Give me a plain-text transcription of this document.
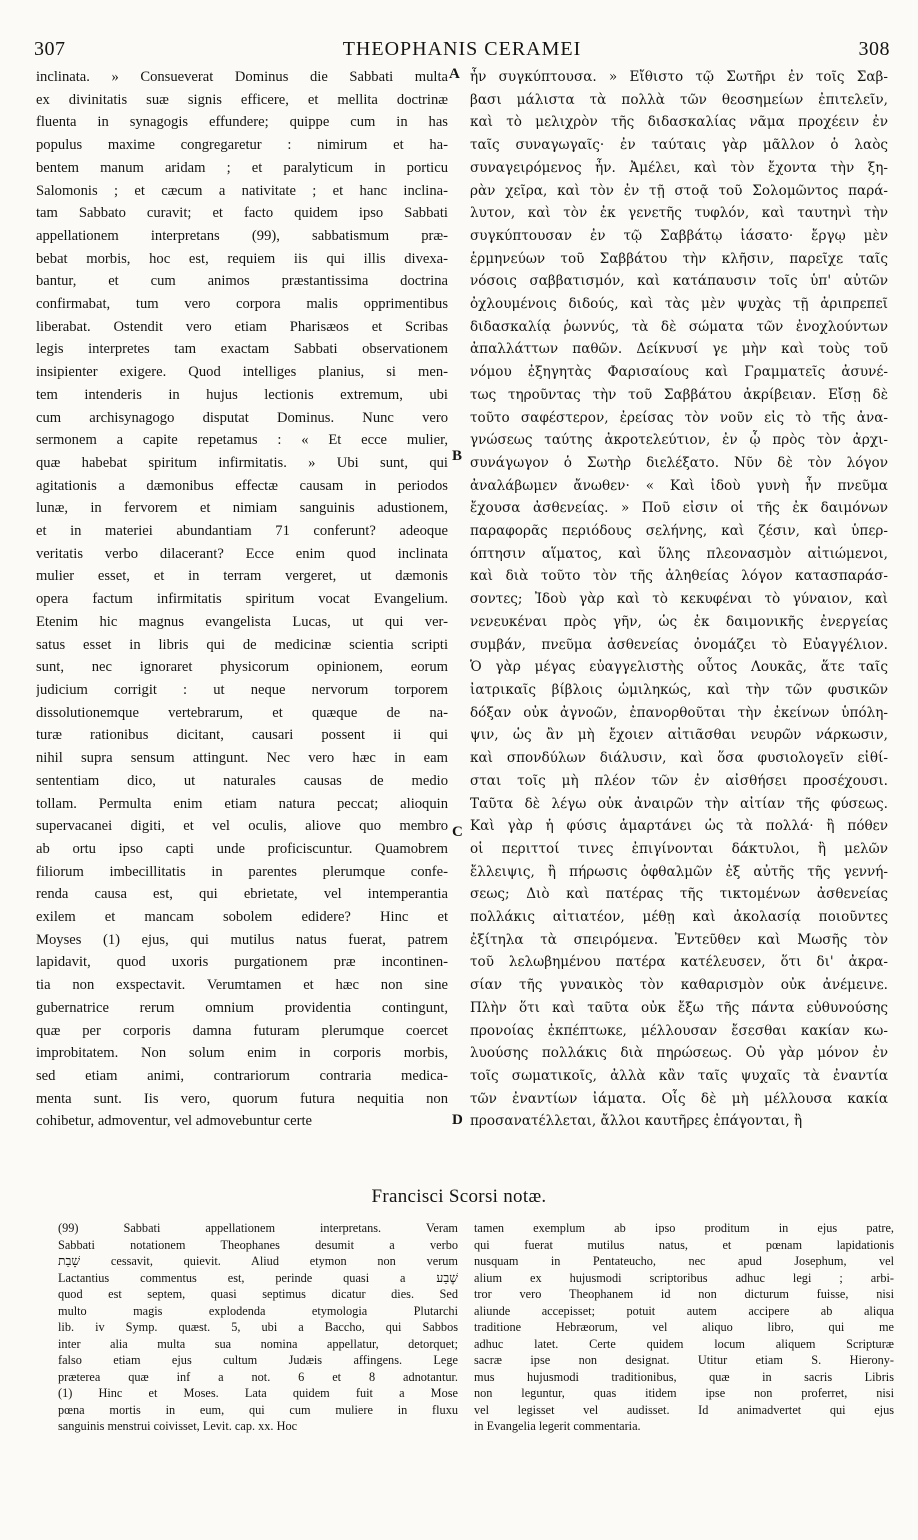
307	THEOPHANIS CERAMEI	308
inclinata. » Consueverat Dominus die Sabbati multa
ex divinitatis suæ signis efficere, et mellita doctrinæ
fluenta in synagogis effundere; quippe cum in has
populus maxime congregaretur : nimirum et ha-
bentem manum aridam ; et paralyticum in porticu
Salomonis ; et cæcum a nativitate ; et hanc inclina-
tam Sabbato curavit; et facto quidem ipso Sabbati
appellationem interpretans (99), sabbatismum præ-
bebat morbis, hoc est, requiem iis qui illis divexa-
bantur, et cum animos præstantissima doctrina
confirmabat, tum vero corpora malis opprimentibus
liberabat. Ostendit vero etiam Pharisæos et Scribas
legis interpretes tam exactam Sabbati observationem
insipienter exigere. Quod intelliges planius, si men-
tem intenderis in hujus lectionis extremum, ubi
cum archisynagogo disputat Dominus. Nunc vero
sermonem a capite repetamus : « Et ecce mulier,
quæ habebat spiritum infirmitatis. » Ubi sunt, qui
agitationis a dæmonibus effectæ causam in periodos
lunæ, in fervorem et nimiam sanguinis adustionem,
et in materiei abundantiam 71 conferunt? adeoque
veritatis verbo dilacerant? Ecce enim quod inclinata
mulier esset, et in terram vergeret, ut dæmonis
opera factum infirmitatis spiritum vocat Evangelium.
Etenim hic magnus evangelista Lucas, ut qui ver-
satus esset in libris qui de medicinæ scientia scripti
sunt, nec ignoraret physicorum opinionem, eorum
judicium corrigit : ut neque nervorum torporem
dissolutionemque vertebrarum, et quæque de na-
turæ rationibus dicitant, causari possent ii qui
nihil supra sensum attingunt. Nec vero hæc in eam
sententiam dico, ut naturales causas de medio
tollam. Permulta enim etiam natura peccat; alioquin
supervacanei digiti, et vel oculis, aliove quo membro
ab ortu ipso capti unde proficiscuntur. Quamobrem
filiorum imbecillitatis in parentes plerumque confe-
renda causa est, qui ebrietate, vel intemperantia
exilem et mancam sobolem edidere? Hinc et
Moyses (1) ejus, qui mutilus natus fuerat, patrem
lapidavit, quod uxoris purgationem præ incontinen-
tia non exspectavit. Verumtamen et hæc non sine
gubernatrice rerum omnium providentia contingunt,
quæ per corporis damna futuram plerumque coercet
improbitatem. Non solum enim in corporis morbis,
sed etiam animi, contrariorum contraria medica-
menta sunt. Iis vero, quorum futura nequitia non
cohibetur, admoventur, vel admovebuntur certe
ἦν συγκύπτουσα. » Εἴθιστο τῷ Σωτῆρι ἐν τοῖς Σαβ-
βασι μάλιστα τὰ πολλὰ τῶν θεοσημείων ἐπιτελεῖν,
καὶ τὸ μελιχρὸν τῆς διδασκαλίας νᾶμα προχέειν ἐν
ταῖς συναγωγαῖς· ἐν ταύταις γὰρ μᾶλλον ὁ λαὸς
συναγειρόμενος ἦν. Ἀμέλει, καὶ τὸν ἔχοντα τὴν ξη-
ρὰν χεῖρα, καὶ τὸν ἐν τῇ στοᾷ τοῦ Σολομῶντος παρά-
λυτον, καὶ τὸν ἐκ γενετῆς τυφλόν, καὶ ταυτηνὶ τὴν
συγκύπτουσαν ἐν τῷ Σαββάτῳ ἰάσατο· ἔργῳ μὲν
ἑρμηνεύων τοῦ Σαββάτου τὴν κλῆσιν, παρεῖχε ταῖς
νόσοις σαββατισμόν, καὶ κατάπαυσιν τοῖς ὑπ' αὐτῶν
ὀχλουμένοις διδούς, καὶ τὰς μὲν ψυχὰς τῇ ἀριπρεπεῖ
διδασκαλίᾳ ῥωννύς, τὰ δὲ σώματα τῶν ἐνοχλούντων
ἀπαλλάττων παθῶν. Δείκνυσί γε μὴν καὶ τοὺς τοῦ
νόμου ἐξηγητὰς Φαρισαίους καὶ Γραμματεῖς ἀσυνέ-
τως τηροῦντας τὴν τοῦ Σαββάτου ἀκρίβειαν. Εἴσῃ δὲ
τοῦτο σαφέστερον, ἐρείσας τὸν νοῦν εἰς τὸ τῆς ἀνα-
γνώσεως ταύτης ἀκροτελεύτιον, ἐν ᾧ πρὸς τὸν ἀρχι-
συνάγωγον ὁ Σωτὴρ διελέξατο. Νῦν δὲ τὸν λόγον
ἀναλάβωμεν ἄνωθεν· « Καὶ ἰδοὺ γυνὴ ἦν πνεῦμα
ἔχουσα ἀσθενείας. » Ποῦ εἰσιν οἱ τῆς ἐκ δαιμόνων
παραφορᾶς περιόδους σελήνης, καὶ ζέσιν, καὶ ὑπερ-
όπτησιν αἵματος, καὶ ὕλης πλεονασμὸν αἰτιώμενοι,
καὶ διὰ τοῦτο τὸν τῆς ἀληθείας λόγον κατασπαράσ-
σοντες; Ἰδοὺ γὰρ καὶ τὸ κεκυφέναι τὸ γύναιον, καὶ
νενευκέναι πρὸς γῆν, ὡς ἐκ δαιμονικῆς ἐνεργείας
συμβάν, πνεῦμα ἀσθενείας ὀνομάζει τὸ Εὐαγγέλιον.
Ὁ γὰρ μέγας εὐαγγελιστὴς οὗτος Λουκᾶς, ἅτε ταῖς
ἰατρικαῖς βίβλοις ὡμιληκώς, καὶ τὴν τῶν φυσικῶν
δόξαν οὐκ ἀγνοῶν, ἐπανορθοῦται τὴν ἐκείνων ὑπόλη-
ψιν, ὡς ἂν μὴ ἔχοιεν αἰτιᾶσθαι νευρῶν νάρκωσιν,
καὶ σπονδύλων διάλυσιν, καὶ ὅσα φυσιολογεῖν εἰθί-
σται τοῖς μὴ πλέον τῶν ἐν αἰσθήσει προσέχουσι.
Ταῦτα δὲ λέγω οὐκ ἀναιρῶν τὴν αἰτίαν τῆς φύσεως.
Καὶ γὰρ ἡ φύσις ἁμαρτάνει ὡς τὰ πολλά· ἢ πόθεν
οἱ περιττοί τινες ἐπιγίνονται δάκτυλοι, ἢ μελῶν
ἔλλειψις, ἢ πήρωσις ὀφθαλμῶν ἐξ αὐτῆς τῆς γεννή-
σεως; Διὸ καὶ πατέρας τῆς τικτομένων ἀσθενείας
πολλάκις αἰτιατέον, μέθῃ καὶ ἀκολασίᾳ ποιοῦντες
ἐξίτηλα τὰ σπειρόμενα. Ἐντεῦθεν καὶ Μωσῆς τὸν
τοῦ λελωβημένου πατέρα κατέλευσεν, ὅτι δι' ἀκρα-
σίαν τῆς γυναικὸς τὸν καθαρισμὸν οὐκ ἀνέμεινε.
Πλὴν ὅτι καὶ ταῦτα οὐκ ἔξω τῆς πάντα εὐθυνούσης
προνοίας ἐκπέπτωκε, μέλλουσαν ἔσεσθαι κακίαν κω-
λυούσης πολλάκις διὰ πηρώσεως. Οὐ γὰρ μόνον ἐν
τοῖς σωματικοῖς, ἀλλὰ κἂν ταῖς ψυχαῖς τὰ ἐναντία
τῶν ἐναντίων ἰάματα. Οἷς δὲ μὴ μέλλουσα κακία
προσανατέλλεται, ἄλλοι καυτῆρες ἐπάγονται, ἢ
A
B
C
D
Francisci Scorsi notæ.
(99) Sabbati appellationem interpretans. Veram
Sabbati notationem Theophanes desumit a verbo
שָׁבַת cessavit, quievit. Aliud etymon non verum
Lactantius commentus est, perinde quasi a שֶׁבַע
quod est septem, quasi septimus dicatur dies. Sed
multo magis explodenda etymologia Plutarchi
lib. iv Symp. quæst. 5, ubi a Baccho, qui Sabbos
inter alia multa sua nomina appellatur, detorquet;
falso etiam ejus cultum Judæis affingens. Lege
præterea quæ inf a not. 6 et 8 adnotantur.
(1) Hinc et Moses. Lata quidem fuit a Mose
pœna mortis in eum, qui cum muliere in fluxu
sanguinis menstrui coivisset, Levit. cap. xx. Hoc
tamen exemplum ab ipso proditum in ejus patre,
qui fuerat mutilus natus, et pœnam lapidationis
nusquam in Pentateucho, nec apud Josephum, vel
alium ex hujusmodi scriptoribus adhuc legi ; arbi-
tror vero Theophanem id non dicturum fuisse, nisi
aliunde accepisset; potuit autem accipere ab aliqua
traditione Hebræorum, vel aliquo libro, qui me
adhuc latet. Certe quidem locum aliquem Scripturæ
sacræ ipse non designat. Utitur etiam S. Hierony-
mus hujusmodi traditionibus, quæ in sacris Libris
non leguntur, quas itidem ipse non proferret, nisi
vel legisset vel audisset. Id animadvertet qui ejus
in Evangelia legerit commentaria.
